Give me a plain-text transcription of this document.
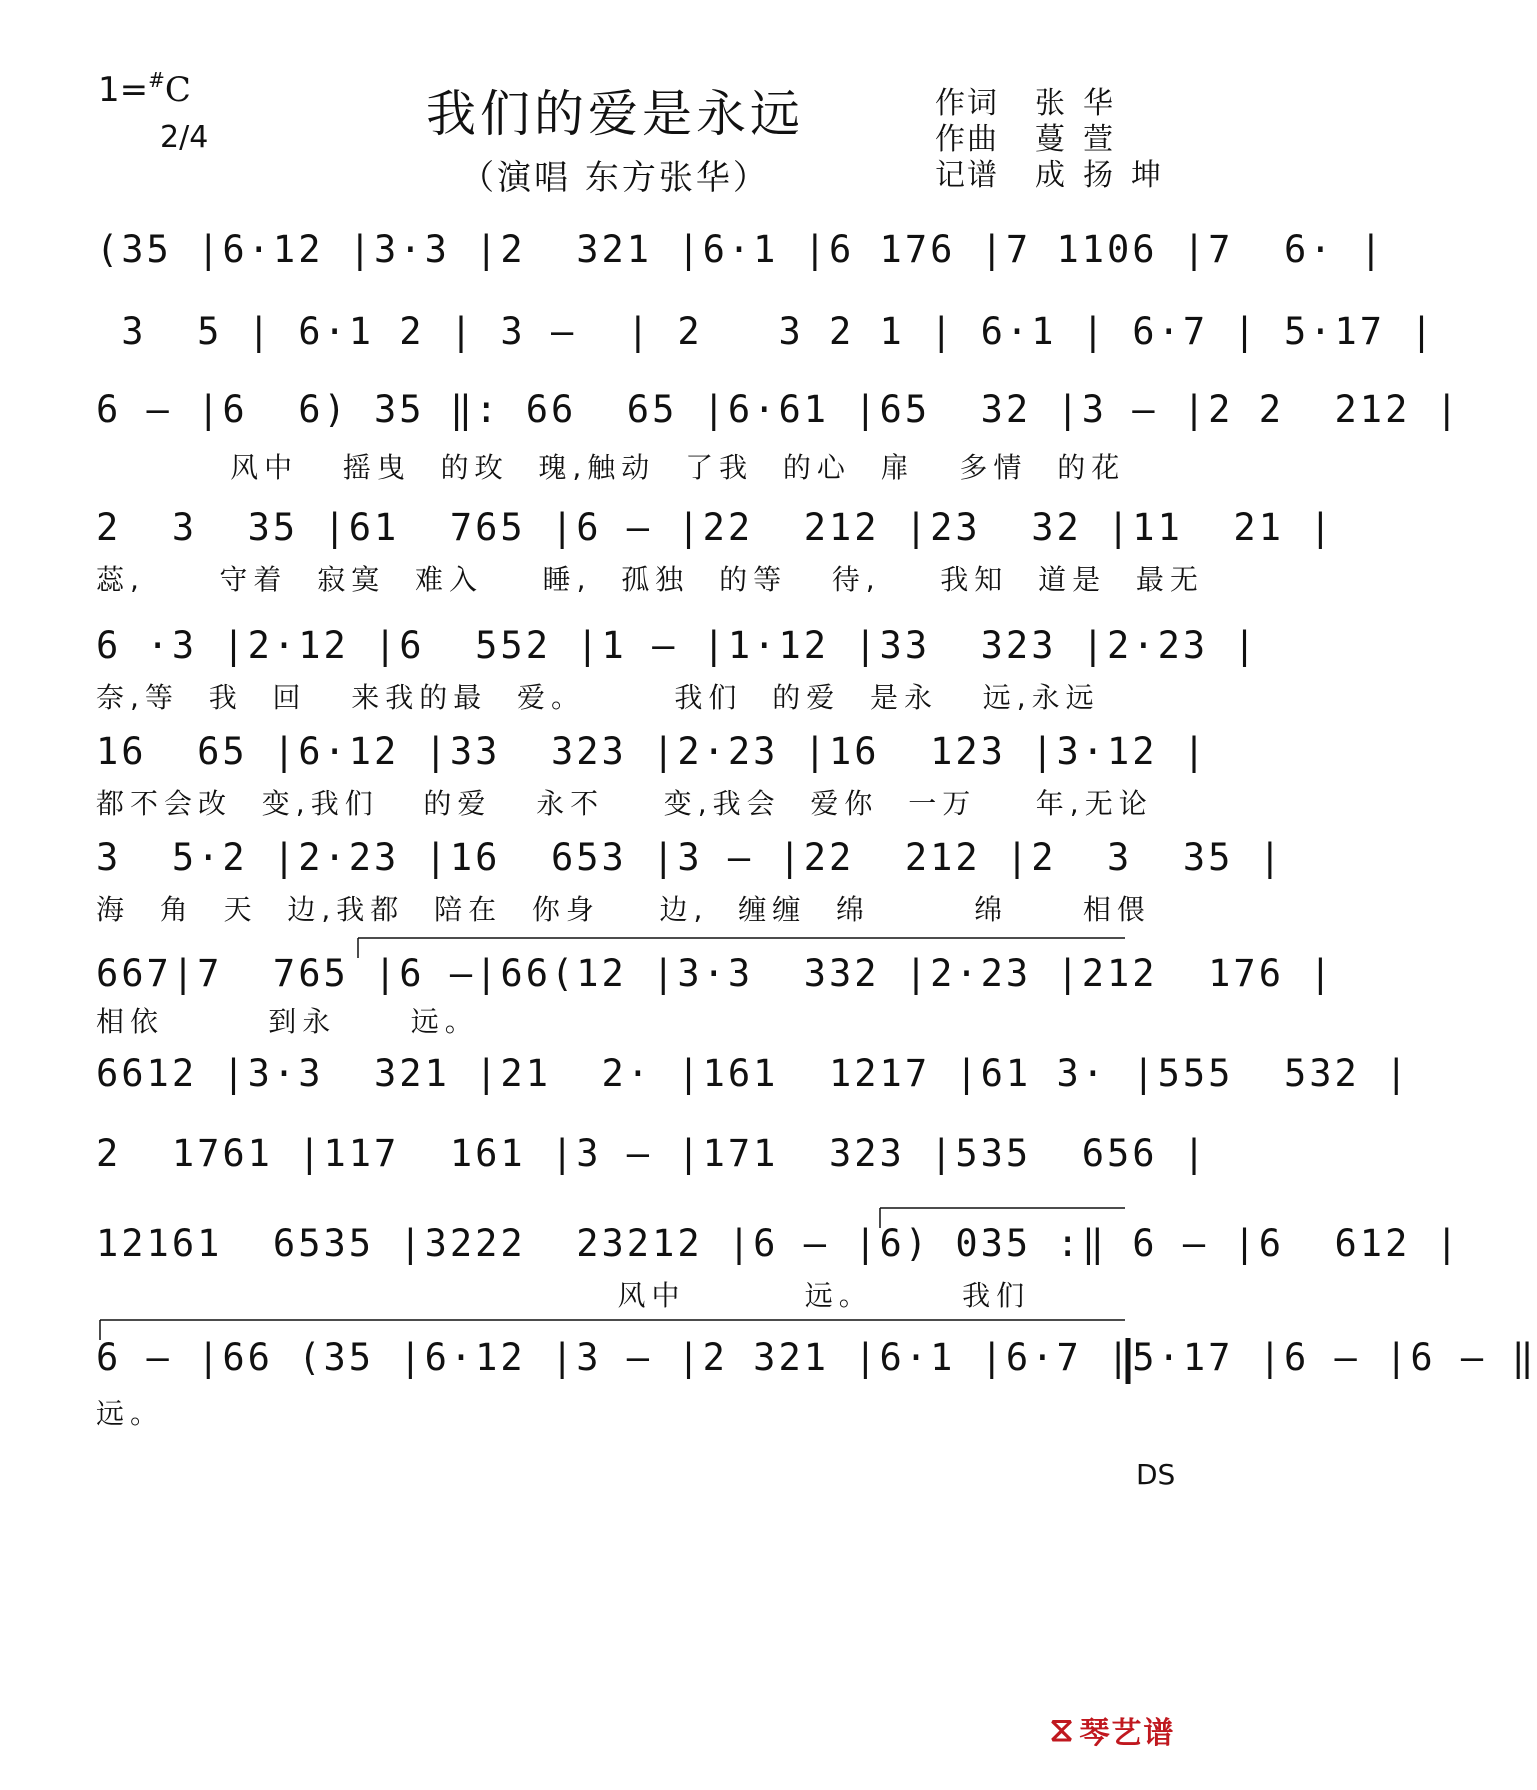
1=#C
2/4	我们的爱是永远
（演唱 东方张华）
作词 张华
作曲 蔓萱
记谱 成扬坤
(35 |6·12 |3·3 |2  321 |6·1 |6 176 |7 1106 |7  6· |
3  5 | 6·1 2 | 3 –  | 2   3 2 1 | 6·1 | 6·7 | 5·17 |
6 – |6  6) 35 ‖: 66  65 |6·61 |65  32 |3 – |2 2  212 |
风中   摇曳  的玫  瑰,触动  了我  的心  扉   多情  的花
2  3  35 |61  765 |6 – |22  212 |23  32 |11  21 |
蕊,     守着  寂寞  难入    睡,  孤独  的等   待,    我知  道是  最无
6 ·3 |2·12 |6  552 |1 – |1·12 |33  323 |2·23 |
奈,等  我  回   来我的最  爱。      我们  的爱  是永   远,永远
16  65 |6·12 |33  323 |2·23 |16  123 |3·12 |
都不会改  变,我们   的爱   永不    变,我会  爱你  一万    年,无论
3  5·2 |2·23 |16  653 |3 – |22  212 |2  3  35 |
海  角  天  边,我都  陪在  你身    边,  缠缠  绵       绵     相偎
667|7  765 |6 –|66(12 |3·3  332 |2·23 |212  176 |
相依       到永     远。
6612 |3·3  321 |21  2· |161  1217 |61 3· |555  532 |
2  1761 |117  161 |3 – |171  323 |535  656 |
12161  6535 |3222  23212 |6 – |6) 035 :‖ 6 – |6  612 |
风中        远。      我们
DS
6 – |66 (35 |6·12 |3 – |2 321 |6·1 |6·7 |5·17 |6 – |6 – ‖
远。
⧖ 琴艺谱
